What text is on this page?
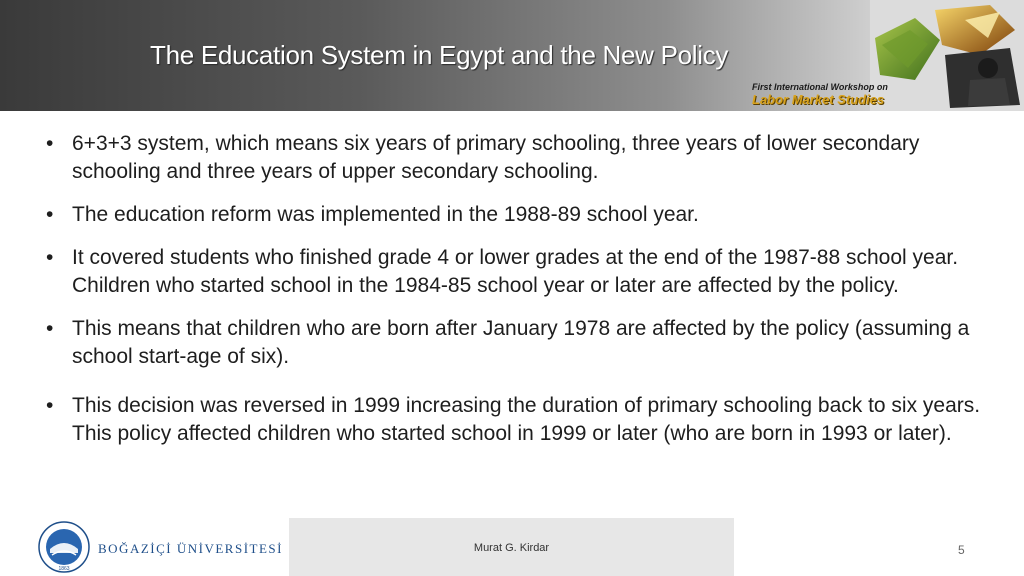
The Education System in Egypt and the New Policy
First International Workshop on
Labor Market Studies
• 6+3+3 system, which means six years of primary schooling, three years of lower secondary schooling and three years of upper secondary schooling.
• The education reform was implemented in the 1988-89 school year.
• It covered students who finished grade 4 or lower grades at the end of the 1987-88 school year. Children who started school in the 1984-85 school year or later are affected by the policy.
• This means that children who are born after January 1978 are affected by the policy (assuming a school start-age of six).
• This decision was reversed in 1999 increasing the duration of primary schooling back to six years. This policy affected children who started school in 1999 or later (who are born in 1993 or later).
1863
BOĞAZİÇİ ÜNİVERSİTESİ	Murat G. Kirdar	5
